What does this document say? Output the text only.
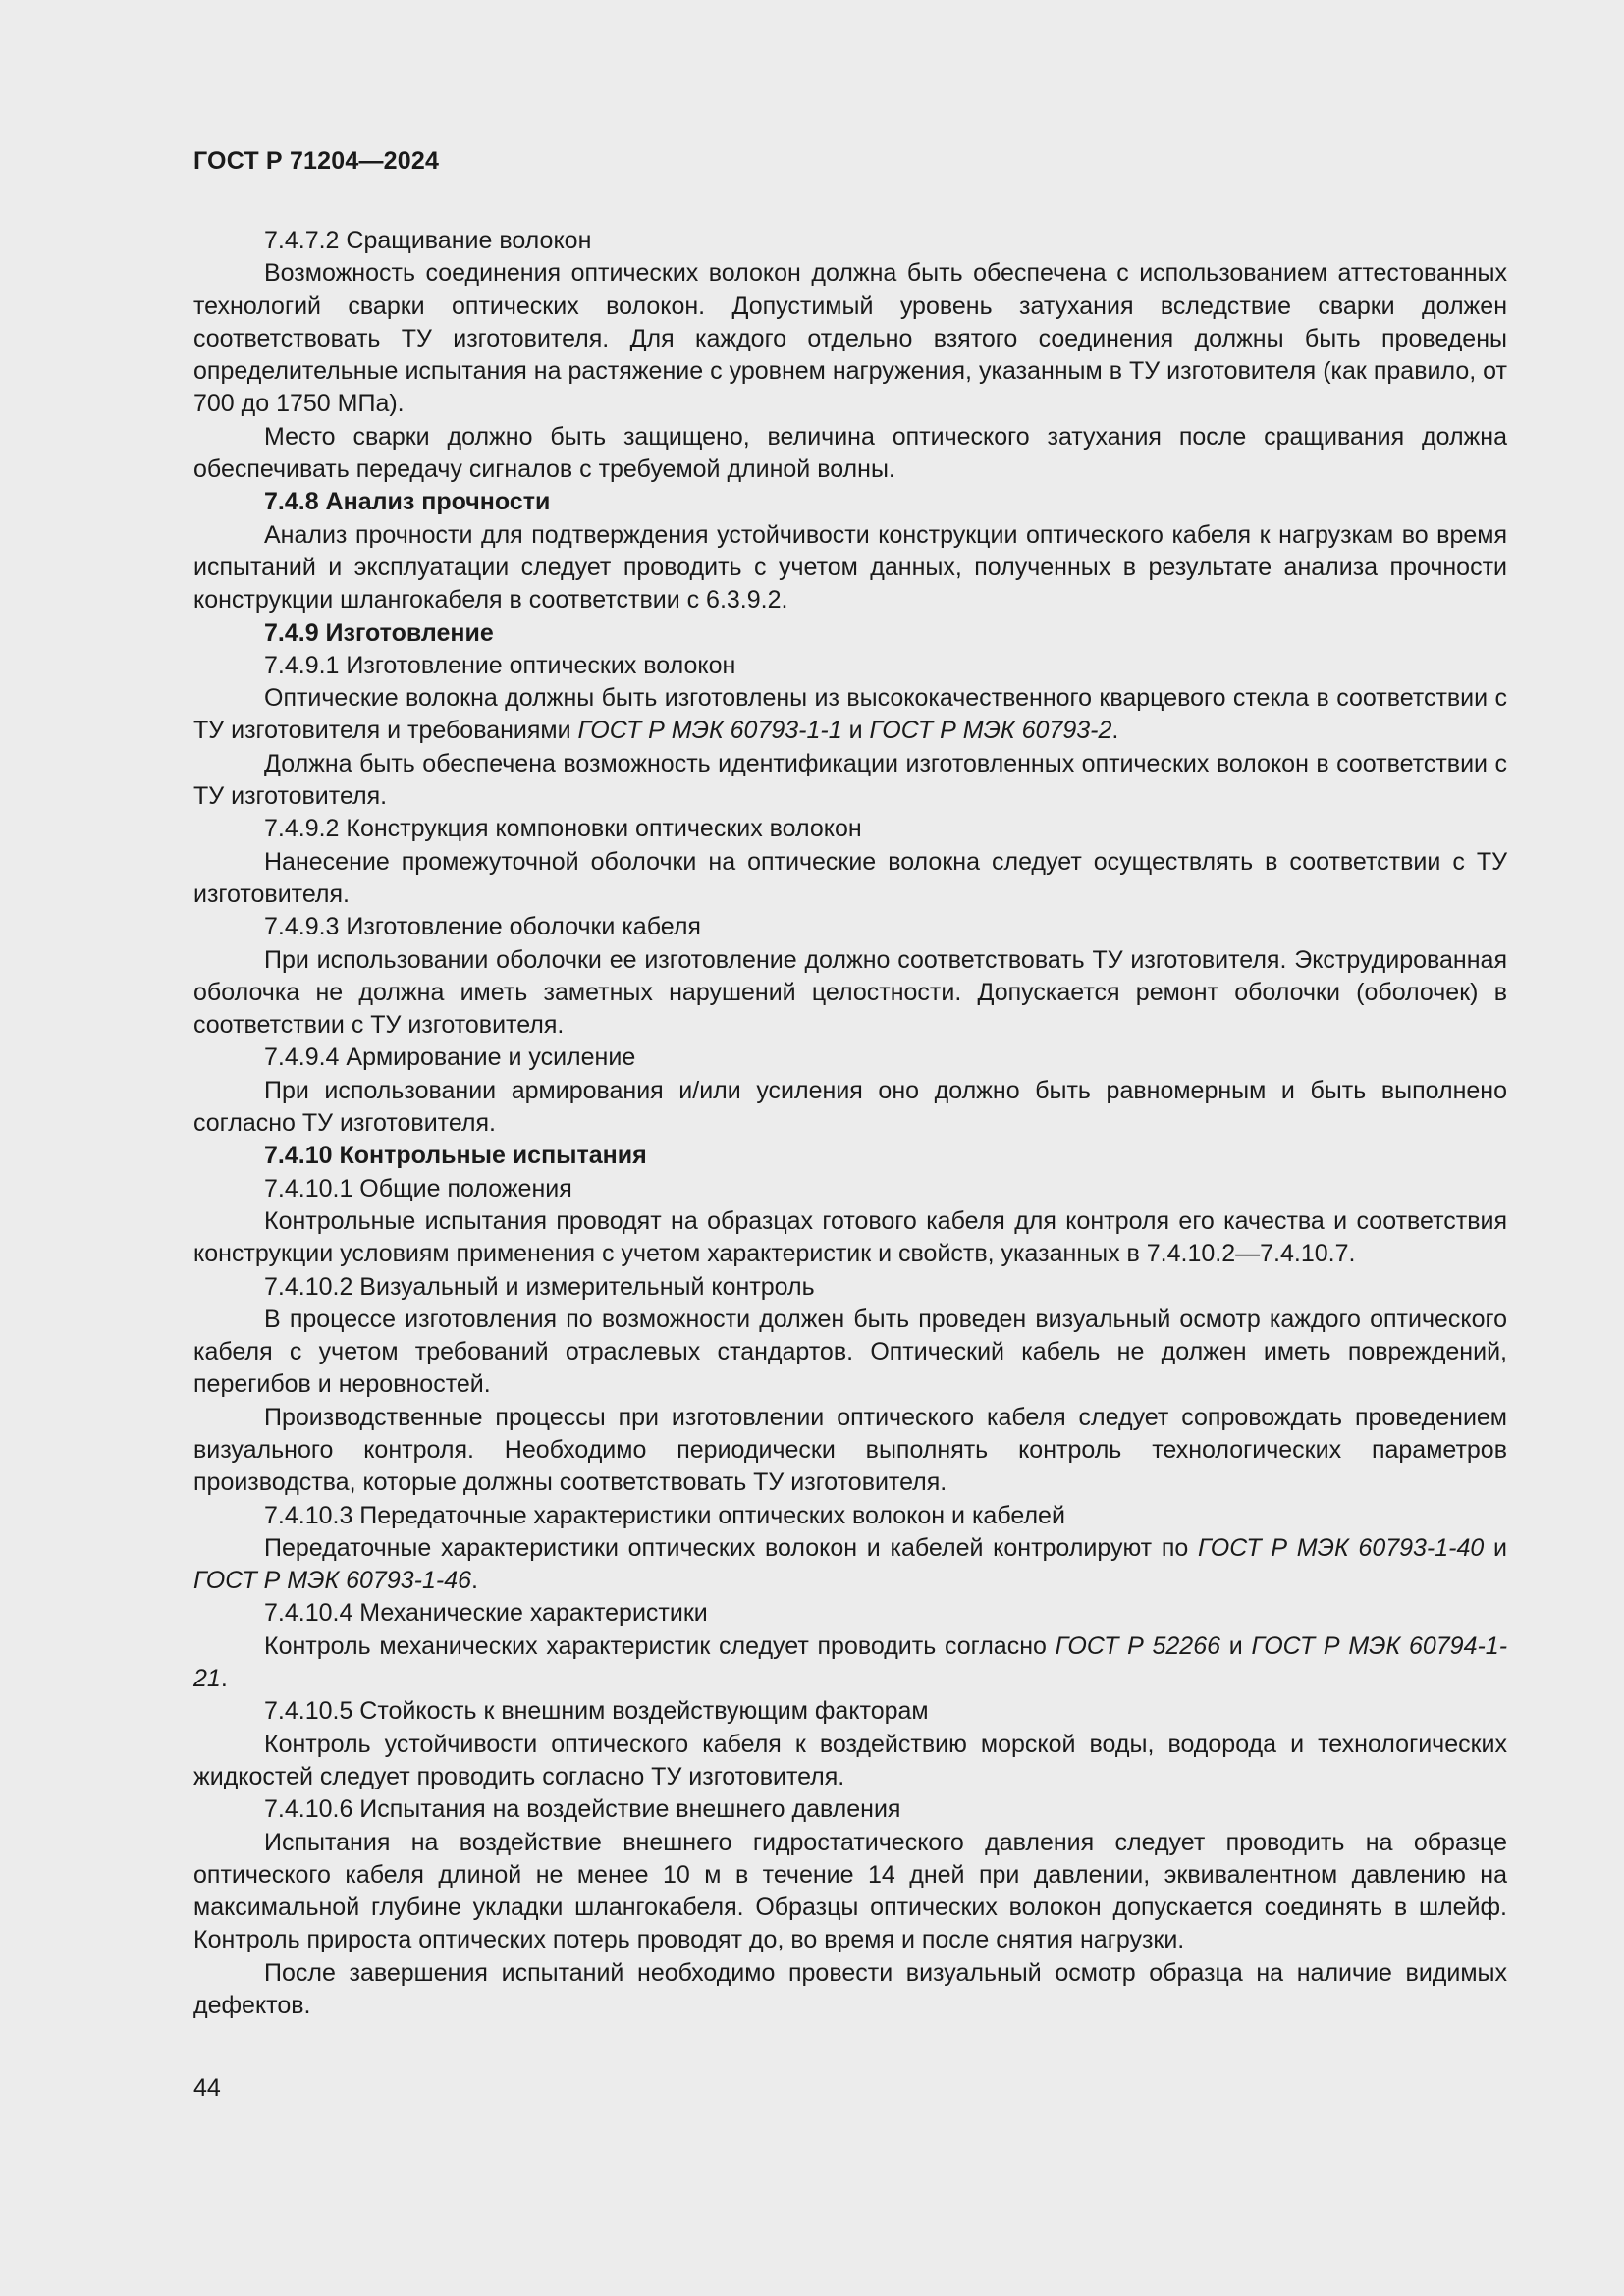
ГОСТ Р 71204—2024

7.4.7.2 Сращивание волокон

Возможность соединения оптических волокон должна быть обеспечена с использованием аттестованных технологий сварки оптических волокон. Допустимый уровень затухания вследствие сварки должен соответствовать ТУ изготовителя. Для каждого отдельно взятого соединения должны быть проведены определительные испытания на растяжение с уровнем нагружения, указанным в ТУ изготовителя (как правило, от 700 до 1750 МПа).

Место сварки должно быть защищено, величина оптического затухания после сращивания должна обеспечивать передачу сигналов с требуемой длиной волны.

7.4.8 Анализ прочности

Анализ прочности для подтверждения устойчивости конструкции оптического кабеля к нагрузкам во время испытаний и эксплуатации следует проводить с учетом данных, полученных в результате анализа прочности конструкции шлангокабеля в соответствии с 6.3.9.2.

7.4.9 Изготовление

7.4.9.1 Изготовление оптических волокон

Оптические волокна должны быть изготовлены из высококачественного кварцевого стекла в соответствии с ТУ изготовителя и требованиями ГОСТ Р МЭК 60793-1-1 и ГОСТ Р МЭК 60793-2.

Должна быть обеспечена возможность идентификации изготовленных оптических волокон в соответствии с ТУ изготовителя.

7.4.9.2 Конструкция компоновки оптических волокон

Нанесение промежуточной оболочки на оптические волокна следует осуществлять в соответствии с ТУ изготовителя.

7.4.9.3 Изготовление оболочки кабеля

При использовании оболочки ее изготовление должно соответствовать ТУ изготовителя. Экструдированная оболочка не должна иметь заметных нарушений целостности. Допускается ремонт оболочки (оболочек) в соответствии с ТУ изготовителя.

7.4.9.4 Армирование и усиление

При использовании армирования и/или усиления оно должно быть равномерным и быть выполнено согласно ТУ изготовителя.

7.4.10 Контрольные испытания

7.4.10.1 Общие положения

Контрольные испытания проводят на образцах готового кабеля для контроля его качества и соответствия конструкции условиям применения с учетом характеристик и свойств, указанных в 7.4.10.2—7.4.10.7.

7.4.10.2 Визуальный и измерительный контроль

В процессе изготовления по возможности должен быть проведен визуальный осмотр каждого оптического кабеля с учетом требований отраслевых стандартов. Оптический кабель не должен иметь повреждений, перегибов и неровностей.

Производственные процессы при изготовлении оптического кабеля следует сопровождать проведением визуального контроля. Необходимо периодически выполнять контроль технологических параметров производства, которые должны соответствовать ТУ изготовителя.

7.4.10.3 Передаточные характеристики оптических волокон и кабелей

Передаточные характеристики оптических волокон и кабелей контролируют по ГОСТ Р МЭК 60793-1-40 и ГОСТ Р МЭК 60793-1-46.

7.4.10.4 Механические характеристики

Контроль механических характеристик следует проводить согласно ГОСТ Р 52266 и ГОСТ Р МЭК 60794-1-21.

7.4.10.5 Стойкость к внешним воздействующим факторам

Контроль устойчивости оптического кабеля к воздействию морской воды, водорода и технологических жидкостей следует проводить согласно ТУ изготовителя.

7.4.10.6 Испытания на воздействие внешнего давления

Испытания на воздействие внешнего гидростатического давления следует проводить на образце оптического кабеля длиной не менее 10 м в течение 14 дней при давлении, эквивалентном давлению на максимальной глубине укладки шлангокабеля. Образцы оптических волокон допускается соединять в шлейф. Контроль прироста оптических потерь проводят до, во время и после снятия нагрузки.

После завершения испытаний необходимо провести визуальный осмотр образца на наличие видимых дефектов.

44
